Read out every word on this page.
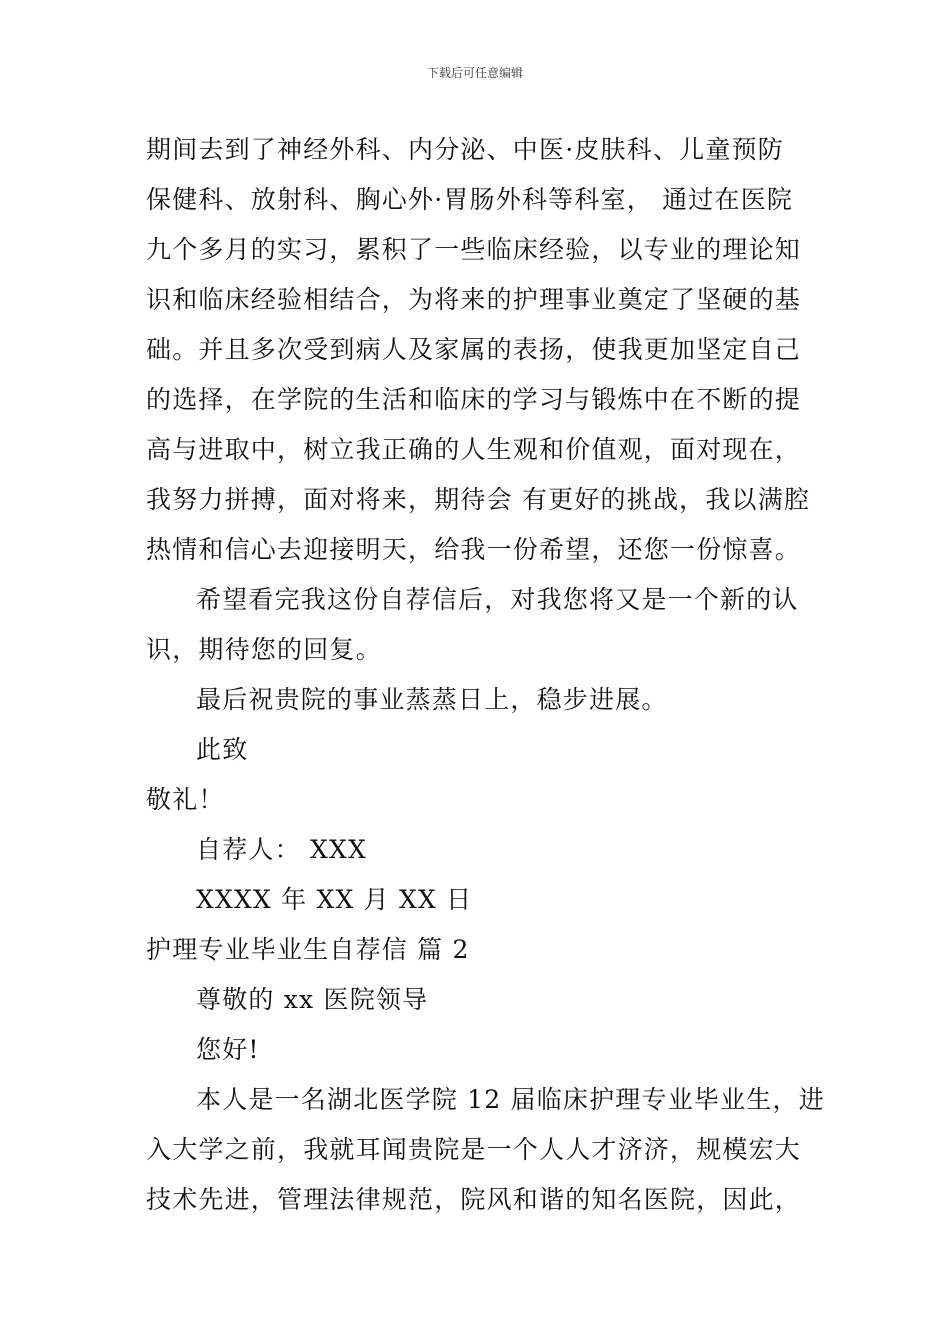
下载后可任意编辑
期间去到了神经外科、内分泌、中医·皮肤科、儿童预防
保健科、放射科、胸心外·胃肠外科等科室， 通过在医院
九个多月的实习，累积了一些临床经验，以专业的理论知
识和临床经验相结合，为将来的护理事业奠定了坚硬的基
础。并且多次受到病人及家属的表扬，使我更加坚定自己
的选择，在学院的生活和临床的学习与锻炼中在不断的提
高与进取中，树立我正确的人生观和价值观，面对现在，
我努力拼搏，面对将来，期待会 有更好的挑战，我以满腔
热情和信心去迎接明天，给我一份希望，还您一份惊喜。
希望看完我这份自荐信后，对我您将又是一个新的认
识，期待您的回复。
最后祝贵院的事业蒸蒸日上，稳步进展。
此致
敬礼！
自荐人： XXX
XXXX 年 XX 月 XX 日
护理专业毕业生自荐信 篇 2
尊敬的 xx 医院领导
您好!
本人是一名湖北医学院 12 届临床护理专业毕业生，进
入大学之前，我就耳闻贵院是一个人人才济济，规模宏大
技术先进，管理法律规范，院风和谐的知名医院，因此，
